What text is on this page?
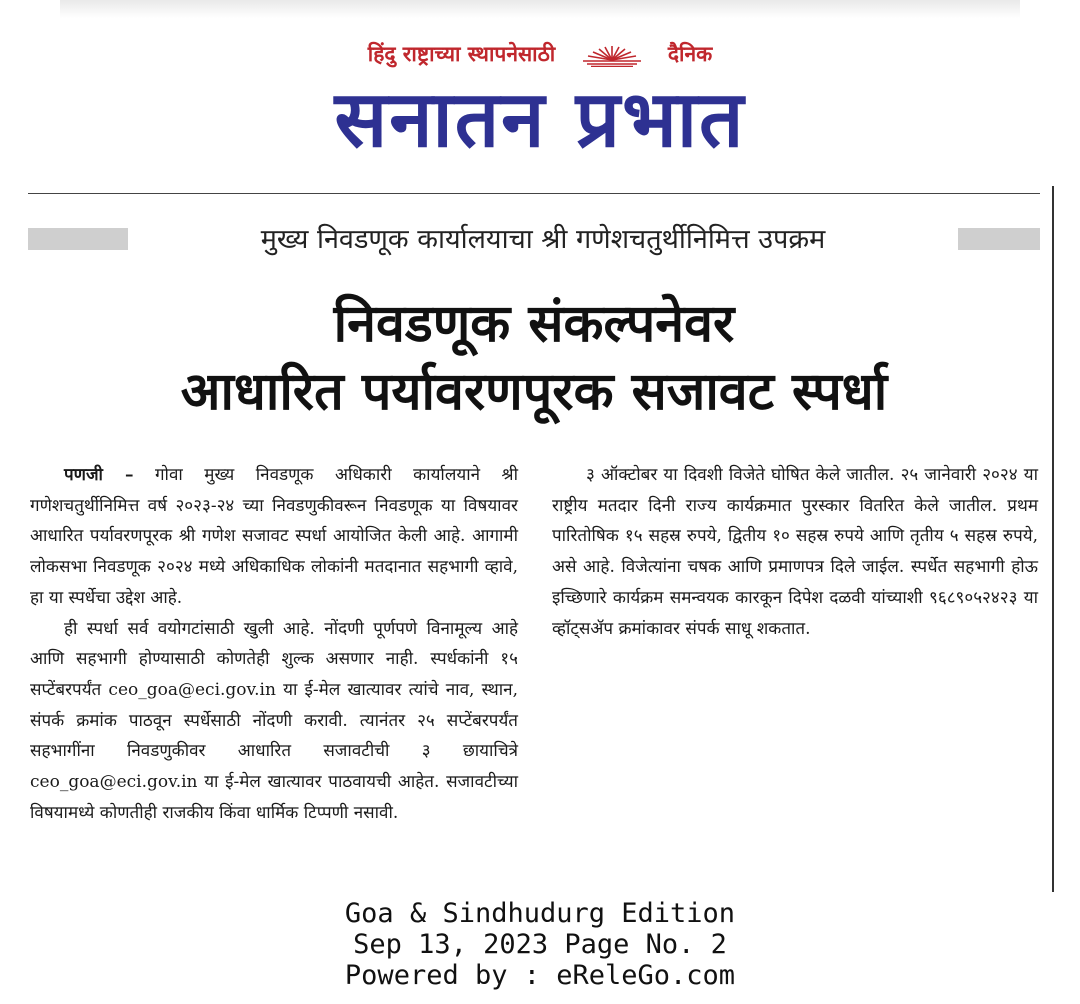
हिंदु राष्ट्राच्या स्थापनेसाठी	दैनिक
सनातन प्रभात
मुख्य निवडणूक कार्यालयाचा श्री गणेशचतुर्थीनिमित्त उपक्रम
निवडणूक संकल्पनेवर
आधारित पर्यावरणपूरक सजावट स्पर्धा

पणजी – गोवा मुख्य निवडणूक अधिकारी कार्यालयाने श्री गणेशचतुर्थीनिमित्त वर्ष २०२३-२४ च्या निवडणुकीवरून निवडणूक या विषयावर आधारित पर्यावरणपूरक श्री गणेश सजावट स्पर्धा आयोजित केली आहे. आगामी लोकसभा निवडणूक २०२४ मध्ये अधिकाधिक लोकांनी मतदानात सहभागी व्हावे, हा या स्पर्धेचा उद्देश आहे.

ही स्पर्धा सर्व वयोगटांसाठी खुली आहे. नोंदणी पूर्णपणे विनामूल्य आहे आणि सहभागी होण्यासाठी कोणतेही शुल्क असणार नाही. स्पर्धकांनी १५ सप्टेंबरपर्यंत ceo_goa@eci.gov.in या ई-मेल खात्यावर त्यांचे नाव, स्थान, संपर्क क्रमांक पाठवून स्पर्धेसाठी नोंदणी करावी. त्यानंतर २५ सप्टेंबरपर्यंत सहभागींना निवडणुकीवर आधारित सजावटीची ३ छायाचित्रे ceo_goa@eci.gov.in या ई-मेल खात्यावर पाठवायची आहेत. सजावटीच्या विषयामध्ये कोणतीही राजकीय किंवा धार्मिक टिप्पणी नसावी.

३ ऑक्टोबर या दिवशी विजेते घोषित केले जातील. २५ जानेवारी २०२४ या राष्ट्रीय मतदार दिनी राज्य कार्यक्रमात पुरस्कार वितरित केले जातील. प्रथम पारितोषिक १५ सहस्र रुपये, द्वितीय १० सहस्र रुपये आणि तृतीय ५ सहस्र रुपये, असे आहे. विजेत्यांना चषक आणि प्रमाणपत्र दिले जाईल. स्पर्धेत सहभागी होऊ इच्छिणारे कार्यक्रम समन्वयक कारकून दिपेश दळवी यांच्याशी ९६८९०५२४२३ या व्हॉट्सॲप क्रमांकावर संपर्क साधू शकतात.

Goa & Sindhudurg Edition
Sep 13, 2023 Page No. 2
Powered by : eReleGo.com
